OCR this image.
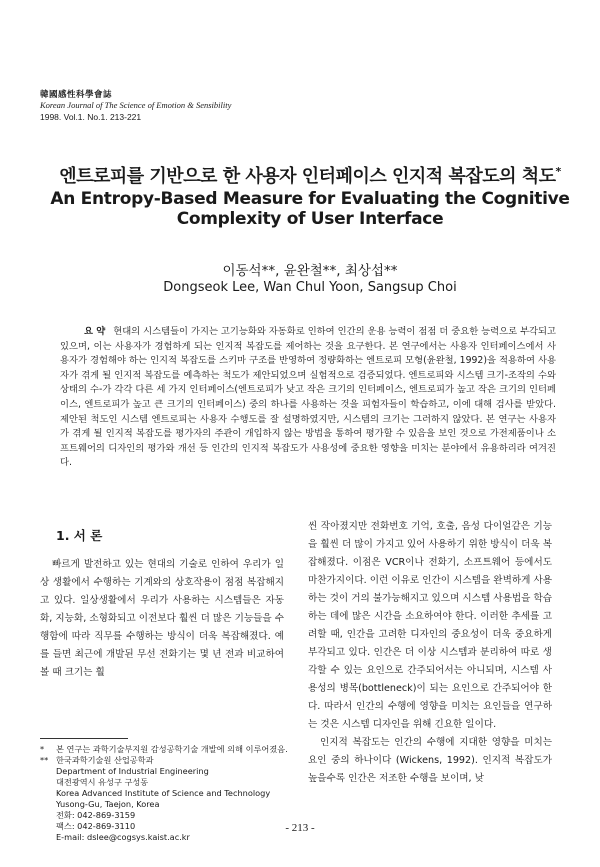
韓國感性科學會誌
Korean Journal of The Science of Emotion & Sensibility
1998. Vol.1. No.1. 213-221
엔트로피를 기반으로 한 사용자 인터페이스 인지적 복잡도의 척도*
An Entropy-Based Measure for Evaluating the Cognitive Complexity of User Interface
이동석**, 윤완철**, 최상섭**
Dongseok Lee, Wan Chul Yoon, Sangsup Choi
요 약 현대의 시스템들이 가지는 고기능화와 자동화로 인하여 인간의 운용 능력이 점점 더 중요한 능력으로 부각되고 있으며, 이는 사용자가 경험하게 되는 인지적 복잡도를 제어하는 것을 요구한다. 본 연구에서는 사용자 인터페이스에서 사용자가 경험해야 하는 인지적 복잡도를 스키마 구조를 반영하여 정량화하는 엔트로피 모형(윤완철, 1992)을 적용하여 사용자가 겪게 될 인지적 복잡도를 예측하는 척도가 제안되었으며 실험적으로 검증되었다. 엔트로피와 시스템 크기-조작의 수와 상태의 수-가 각각 다른 세 가지 인터페이스(엔트로피가 낮고 작은 크기의 인터페이스, 엔트로피가 높고 작은 크기의 인터페이스, 엔트로피가 높고 큰 크기의 인터페이스) 중의 하나를 사용하는 것을 피험자들이 학습하고, 이에 대해 검사를 받았다. 제안된 척도인 시스템 엔트로피는 사용자 수행도를 잘 설명하였지만, 시스템의 크기는 그러하지 않았다. 본 연구는 사용자가 겪게 될 인지적 복잡도를 평가자의 주관이 개입하지 않는 방법을 통하여 평가할 수 있음을 보인 것으로 가전제품이나 소프트웨어의 디자인의 평가와 개선 등 인간의 인지적 복잡도가 사용성에 중요한 영향을 미치는 분야에서 유용하리라 여겨진다.
1. 서 론

빠르게 발전하고 있는 현대의 기술로 인하여 우리가 일상 생활에서 수행하는 기계와의 상호작용이 점점 복잡해지고 있다. 일상생활에서 우리가 사용하는 시스템들은 자동화, 지능화, 소형화되고 이전보다 훨씬 더 많은 기능들을 수행함에 따라 직무를 수행하는 방식이 더욱 복잡해졌다. 예를 들면 최근에 개발된 무선 전화기는 몇 년 전과 비교하여 볼 때 크기는 훨

씬 작아졌지만 전화번호 기억, 호출, 음성 다이얼같은 기능을 훨씬 더 많이 가지고 있어 사용하기 위한 방식이 더욱 복잡해졌다. 이점은 VCR이나 전화기, 소프트웨어 등에서도 마찬가지이다. 이런 이유로 인간이 시스템을 완벽하게 사용하는 것이 거의 불가능해지고 있으며 시스템 사용법을 학습하는 데에 많은 시간을 소요하여야 한다. 이러한 추세를 고려할 때, 인간을 고려한 디자인의 중요성이 더욱 중요하게 부각되고 있다. 인간은 더 이상 시스템과 분리하여 따로 생각할 수 있는 요인으로 간주되어서는 아니되며, 시스템 사용성의 병목(bottleneck)이 되는 요인으로 간주되어야 한다. 따라서 인간의 수행에 영향을 미치는 요인들을 연구하는 것은 시스템 디자인을 위해 긴요한 일이다.

인지적 복잡도는 인간의 수행에 지대한 영향을 미치는 요인 중의 하나이다 (Wickens, 1992). 인지적 복잡도가 높을수록 인간은 저조한 수행을 보이며, 낮

*	본 연구는 과학기술부지원 감성공학기술 개발에 의해 이루어졌음.
** 한국과학기술원 산업공학과
Department of Industrial Engineering
대전광역시 유성구 구성동
Korea Advanced Institute of Science and Technology
Yusong-Gu, Taejon, Korea
전화: 042-869-3159
팩스: 042-869-3110
E-mail: dslee@cogsys.kaist.ac.kr
- 213 -
